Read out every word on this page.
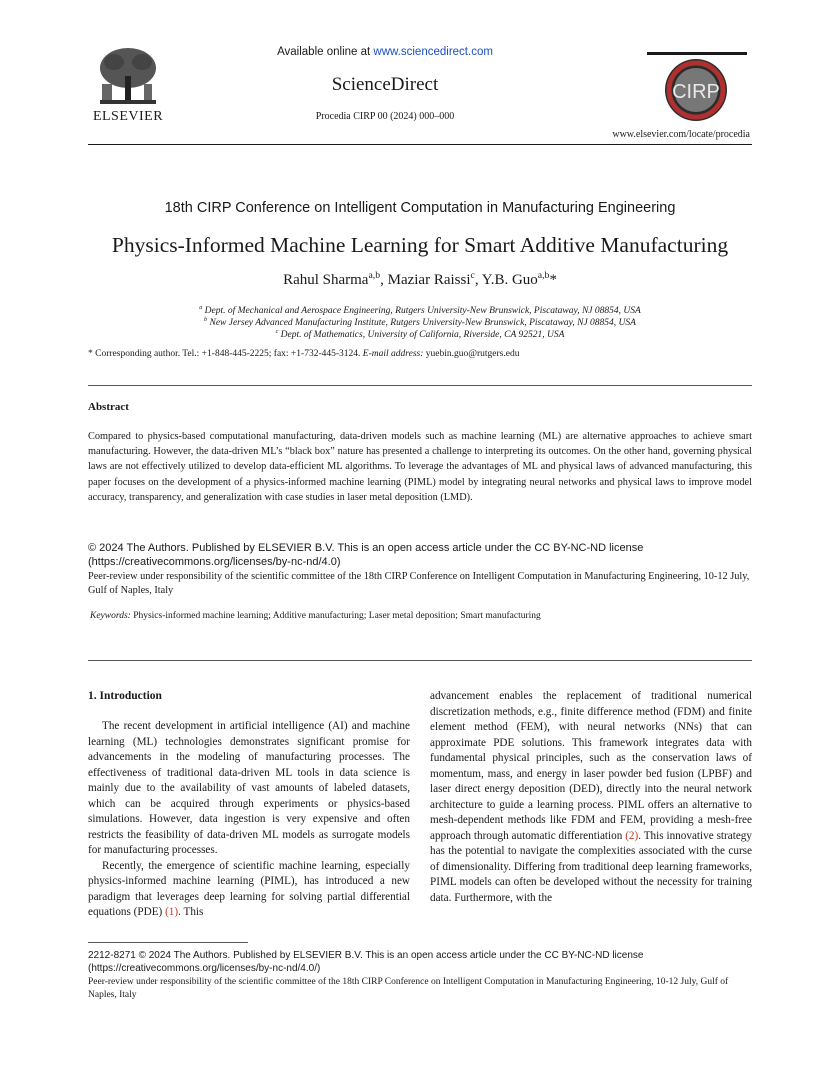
ELSEVIER
Available online at www.sciencedirect.com
ScienceDirect
Procedia CIRP 00 (2024) 000–000
CIRP
www.elsevier.com/locate/procedia
18th CIRP Conference on Intelligent Computation in Manufacturing Engineering
Physics-Informed Machine Learning for Smart Additive Manufacturing
Rahul Sharma$^{a,b}$, Maziar Raissi$^c$, Y.B. Guo$^{a,b}$*
$^a$ Dept. of Mechanical and Aerospace Engineering, Rutgers University-New Brunswick, Piscataway, NJ 08854, USA
$^b$ New Jersey Advanced Manufacturing Institute, Rutgers University-New Brunswick, Piscataway, NJ 08854, USA
$^c$ Dept. of Mathematics, University of California, Riverside, CA 92521, USA
* Corresponding author. Tel.: +1-848-445-2225; fax: +1-732-445-3124. E-mail address: yuebin.guo@rutgers.edu
Abstract
Compared to physics-based computational manufacturing, data-driven models such as machine learning (ML) are alternative approaches to achieve smart manufacturing. However, the data-driven ML’s “black box” nature has presented a challenge to interpreting its outcomes. On the other hand, governing physical laws are not effectively utilized to develop data-efficient ML algorithms. To leverage the advantages of ML and physical laws of advanced manufacturing, this paper focuses on the development of a physics-informed machine learning (PIML) model by integrating neural networks and physical laws to improve model accuracy, transparency, and generalization with case studies in laser metal deposition (LMD).
© 2024 The Authors. Published by ELSEVIER B.V. This is an open access article under the CC BY-NC-ND license (https://creativecommons.org/licenses/by-nc-nd/4.0)
Peer-review under responsibility of the scientific committee of the 18th CIRP Conference on Intelligent Computation in Manufacturing Engineering, 10-12 July, Gulf of Naples, Italy
Keywords: Physics-informed machine learning; Additive manufacturing; Laser metal deposition; Smart manufacturing
1. Introduction

The recent development in artificial intelligence (AI) and machine learning (ML) technologies demonstrates significant promise for advancements in the modeling of manufacturing processes. The effectiveness of traditional data-driven ML tools in data science is mainly due to the availability of vast amounts of labeled datasets, which can be acquired through experiments or physics-based simulations. However, data ingestion is very expensive and often restricts the feasibility of data-driven ML models as surrogate models for manufacturing processes.

Recently, the emergence of scientific machine learning, especially physics-informed machine learning (PIML), has introduced a new paradigm that leverages deep learning for solving partial differential equations (PDE) (1). This

advancement enables the replacement of traditional numerical discretization methods, e.g., finite difference method (FDM) and finite element method (FEM), with neural networks (NNs) that can approximate PDE solutions. This framework integrates data with fundamental physical principles, such as the conservation laws of momentum, mass, and energy in laser powder bed fusion (LPBF) and laser direct energy deposition (DED), directly into the neural network architecture to guide a learning process. PIML offers an alternative to mesh-dependent methods like FDM and FEM, providing a mesh-free approach through automatic differentiation (2). This innovative strategy has the potential to navigate the complexities associated with the curse of dimensionality. Differing from traditional deep learning frameworks, PIML models can often be developed without the necessity for training data. Furthermore, with the

2212-8271 © 2024 The Authors. Published by ELSEVIER B.V. This is an open access article under the CC BY-NC-ND license (https://creativecommons.org/licenses/by-nc-nd/4.0/)
Peer-review under responsibility of the scientific committee of the 18th CIRP Conference on Intelligent Computation in Manufacturing Engineering, 10-12 July, Gulf of Naples, Italy
